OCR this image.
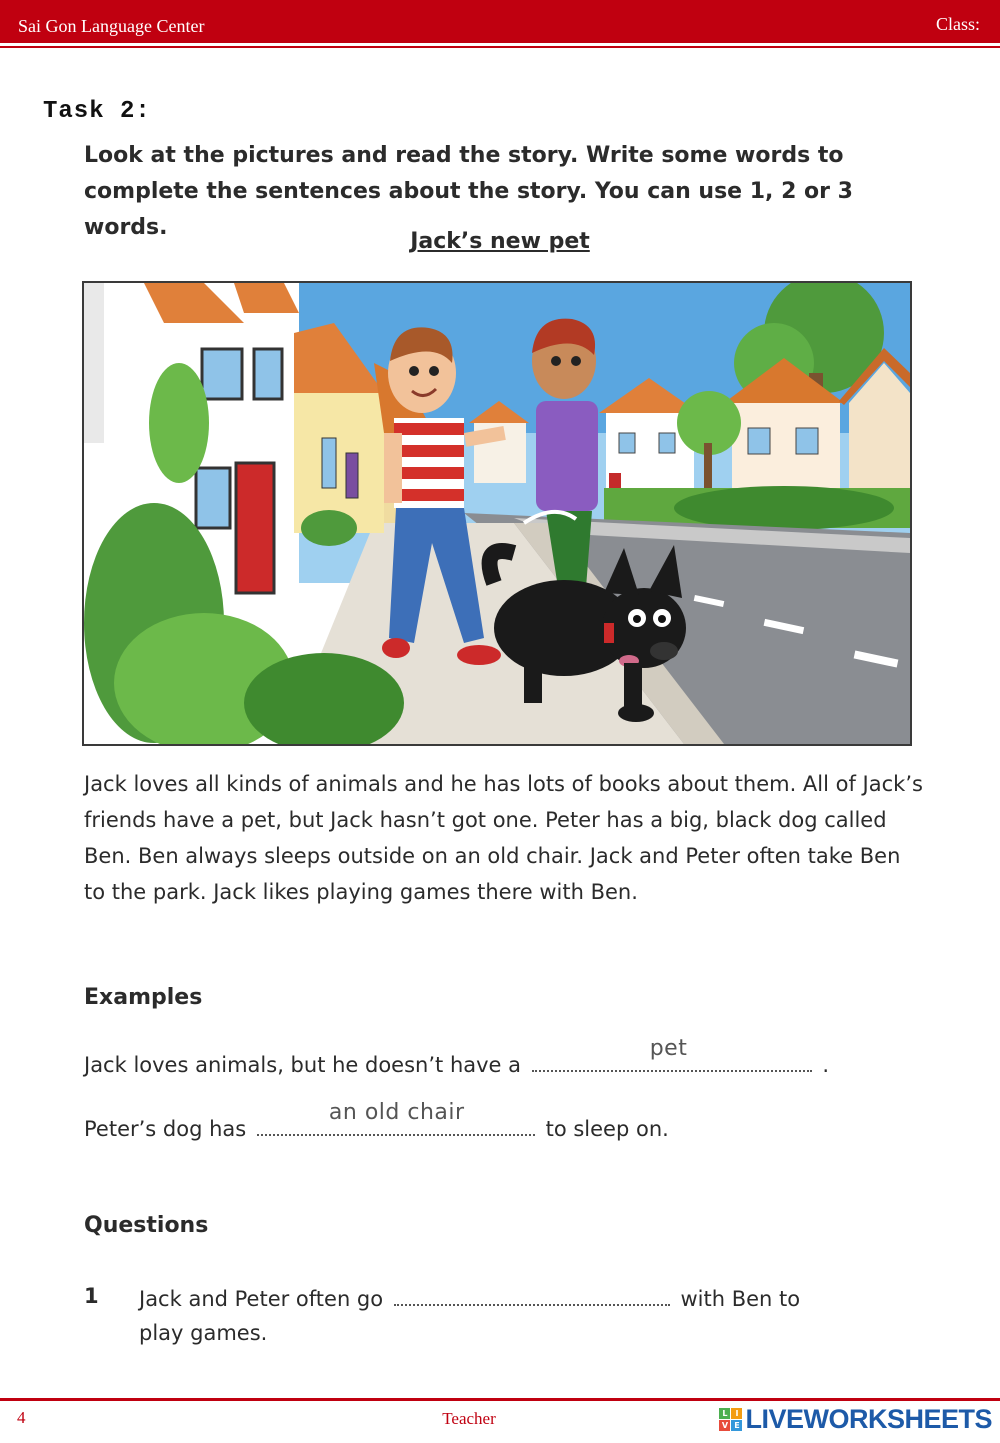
Sai Gon Language Center	Class:
Task 2:
Look at the pictures and read the story. Write some words to complete the sentences about the story. You can use 1, 2 or 3 words.
Jack’s new pet
Jack loves all kinds of animals and he has lots of books about them. All of Jack’s friends have a pet, but Jack hasn’t got one. Peter has a big, black dog called Ben. Ben always sleeps outside on an old chair. Jack and Peter often take Ben to the park. Jack likes playing games there with Ben.
Examples
Jack loves animals, but he doesn’t have a
pet
.
Peter’s dog has
an old chair
to sleep on.
Questions
1 Jack and Peter often go	with Ben to
play games.
4	Teacher	L I
V E LIVEWORKSHEETS
